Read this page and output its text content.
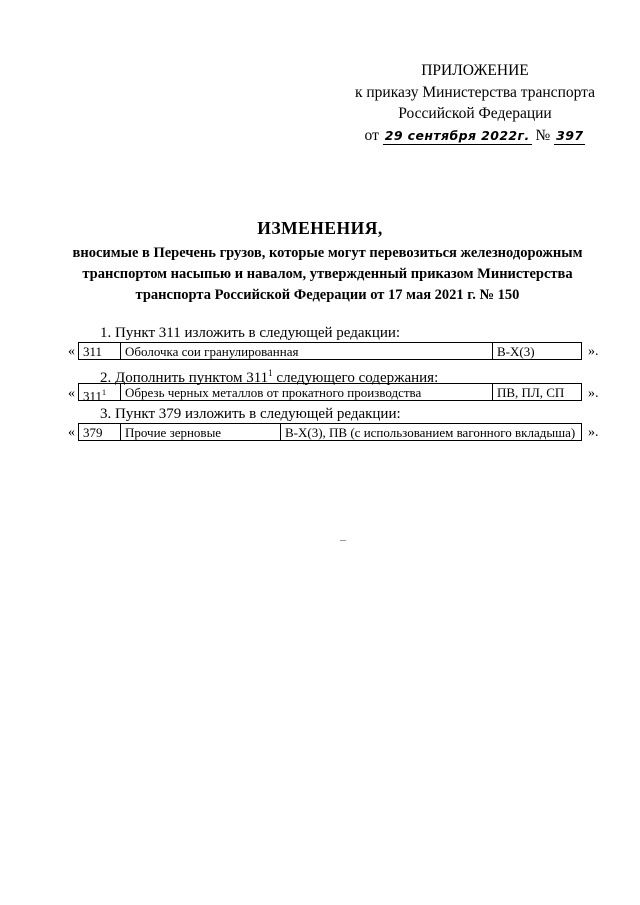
ПРИЛОЖЕНИЕ
к приказу Министерства транспорта
Российской Федерации
от 29 сентября 2022г. № 397
ИЗМЕНЕНИЯ,
вносимые в Перечень грузов, которые могут перевозиться железнодорожным транспортом насыпью и навалом, утвержденный приказом Министерства транспорта Российской Федерации от 17 мая 2021 г. № 150
1. Пункт 311 изложить в следующей редакции:
« 311	Оболочка сои гранулированная	В-Х(3)	».
2. Дополнить пунктом $311^1$ следующего содержания:
« $311^1$	Обрезь черных металлов от прокатного производства	ПВ, ПЛ, СП	».
3. Пункт 379 изложить в следующей редакции:
« 379	Прочие зерновые	В-Х(3), ПВ (с использованием вагонного вкладыша) ».
